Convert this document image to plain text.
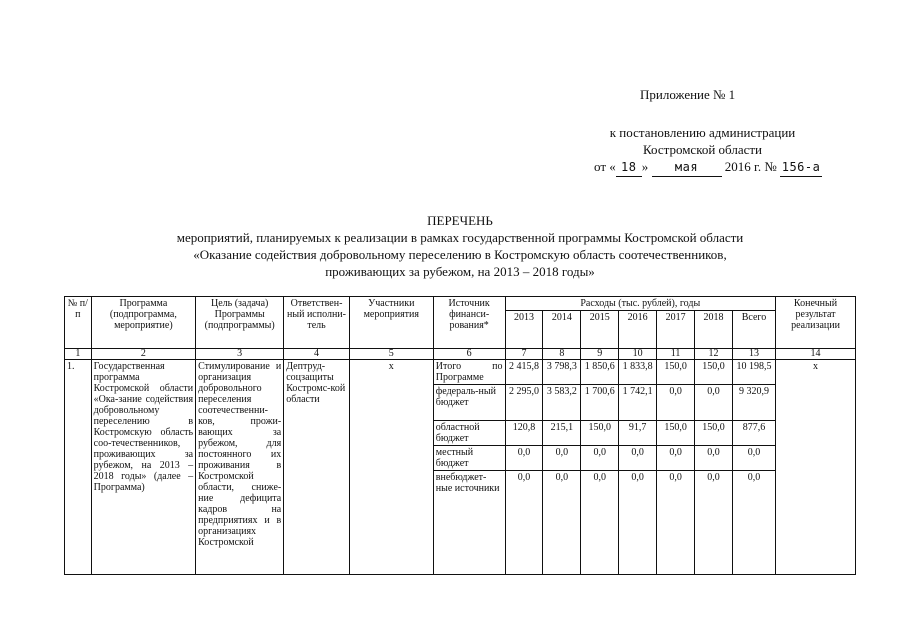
Приложение № 1
к постановлению администрации
Костромской области
от « 18 » мая 2016 г. № 156-а
ПЕРЕЧЕНЬ
мероприятий, планируемых к реализации в рамках государственной программы Костромской области
«Оказание содействия добровольному переселению в Костромскую область соотечественников,
проживающих за рубежом, на 2013 – 2018 годы»
№ п/п	Программа (подпрограмма, мероприятие)	Цель (задача) Программы (подпрограммы)	Ответствен-ный исполни-тель	Участники мероприятия	Источник финанси-рования*	Расходы (тыс. рублей), годы							Конечный результат реализации
						2013	2014	2015	2016	2017	2018	Всего	
1	2	3	4	5	6	7	8	9	10	11	12	13	14
1.	Государственная программа Костромской области «Ока-зание содействия добровольному переселению в Костромскую область соо-течественников, проживающих за рубежом, на 2013 – 2018 годы» (далее – Программа)	Стимулирование и организация добровольного переселения соотечественни-ков, прожи-вающих за рубежом, для постоянного их проживания в Костромской области, сниже-ние дефицита кадров на предприятиях и в организациях Костромской	Дептруд-соцзащиты Костромс-кой области	х	Итого по Программе	2 415,8	3 798,3	1 850,6	1 833,8	150,0	150,0	10 198,5	х
					федераль-ный бюджет	2 295,0	3 583,2	1 700,6	1 742,1	0,0	0,0	9 320,9	
					областной бюджет	120,8	215,1	150,0	91,7	150,0	150,0	877,6	
					местный бюджет	0,0	0,0	0,0	0,0	0,0	0,0	0,0	
					внебюджет-ные источники	0,0	0,0	0,0	0,0	0,0	0,0	0,0	
